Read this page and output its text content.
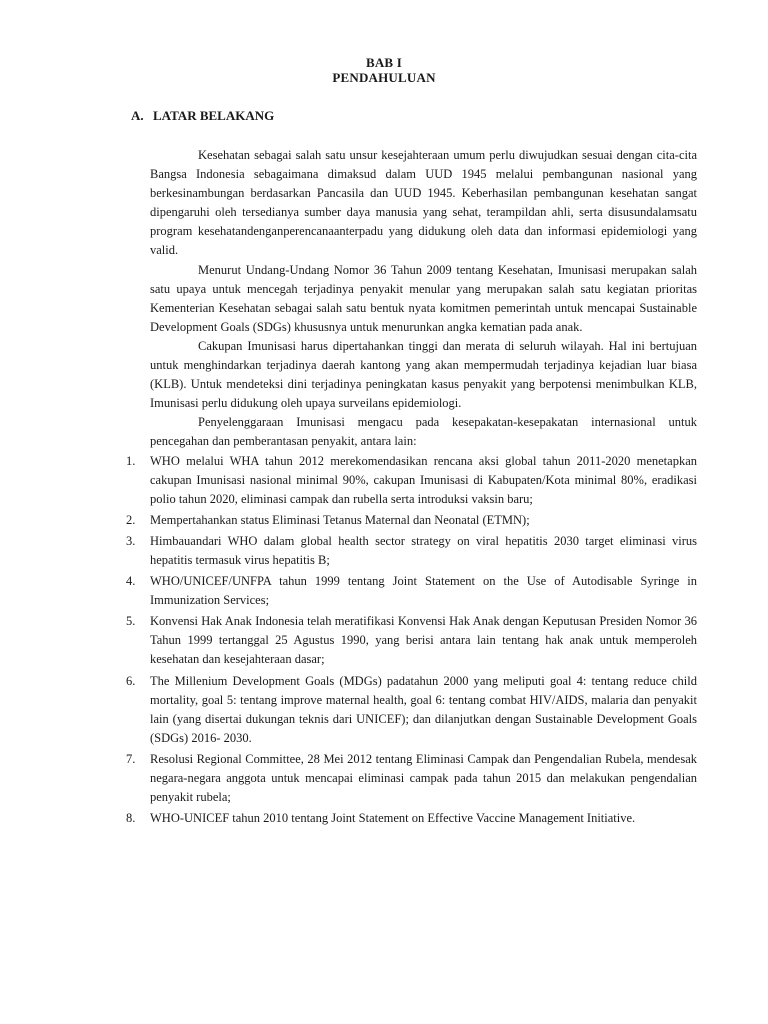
BAB I
PENDAHULUAN
A. LATAR BELAKANG

Kesehatan sebagai salah satu unsur kesejahteraan umum perlu diwujudkan sesuai dengan cita-cita Bangsa Indonesia sebagaimana dimaksud dalam UUD 1945 melalui pembangunan nasional yang berkesinambungan berdasarkan Pancasila dan UUD 1945. Keberhasilan pembangunan kesehatan sangat dipengaruhi oleh tersedianya sumber daya manusia yang sehat, terampildan ahli, serta disusundalamsatu program kesehatandenganperencanaanterpadu yang didukung oleh data dan informasi epidemiologi yang valid.

Menurut Undang-Undang Nomor 36 Tahun 2009 tentang Kesehatan, Imunisasi merupakan salah satu upaya untuk mencegah terjadinya penyakit menular yang merupakan salah satu kegiatan prioritas Kementerian Kesehatan sebagai salah satu bentuk nyata komitmen pemerintah untuk mencapai Sustainable Development Goals (SDGs) khususnya untuk menurunkan angka kematian pada anak.

Cakupan Imunisasi harus dipertahankan tinggi dan merata di seluruh wilayah. Hal ini bertujuan untuk menghindarkan terjadinya daerah kantong yang akan mempermudah terjadinya kejadian luar biasa (KLB). Untuk mendeteksi dini terjadinya peningkatan kasus penyakit yang berpotensi menimbulkan KLB, Imunisasi perlu didukung oleh upaya surveilans epidemiologi.

Penyelenggaraan Imunisasi mengacu pada kesepakatan-kesepakatan internasional untuk pencegahan dan pemberantasan penyakit, antara lain:

1.	WHO melalui WHA tahun 2012 merekomendasikan rencana aksi global tahun 2011-2020 menetapkan cakupan Imunisasi nasional minimal 90%, cakupan Imunisasi di Kabupaten/Kota minimal 80%, eradikasi polio tahun 2020, eliminasi campak dan rubella serta introduksi vaksin baru;
2.	Mempertahankan status Eliminasi Tetanus Maternal dan Neonatal (ETMN);
3.	Himbauandari WHO dalam global health sector strategy on viral hepatitis 2030 target eliminasi virus hepatitis termasuk virus hepatitis B;
4.	WHO/UNICEF/UNFPA tahun 1999 tentang Joint Statement on the Use of Autodisable Syringe in Immunization Services;
5.	Konvensi Hak Anak Indonesia telah meratifikasi Konvensi Hak Anak dengan Keputusan Presiden Nomor 36 Tahun 1999 tertanggal 25 Agustus 1990, yang berisi antara lain tentang hak anak untuk memperoleh kesehatan dan kesejahteraan dasar;
6.	The Millenium Development Goals (MDGs) padatahun 2000 yang meliputi goal 4: tentang reduce child mortality, goal 5: tentang improve maternal health, goal 6: tentang combat HIV/AIDS, malaria dan penyakit lain (yang disertai dukungan teknis dari UNICEF); dan dilanjutkan dengan Sustainable Development Goals (SDGs) 2016- 2030.
7.	Resolusi Regional Committee, 28 Mei 2012 tentang Eliminasi Campak dan Pengendalian Rubela, mendesak negara-negara anggota untuk mencapai eliminasi campak pada tahun 2015 dan melakukan pengendalian penyakit rubela;
8.	WHO-UNICEF tahun 2010 tentang Joint Statement on Effective Vaccine Management Initiative.
